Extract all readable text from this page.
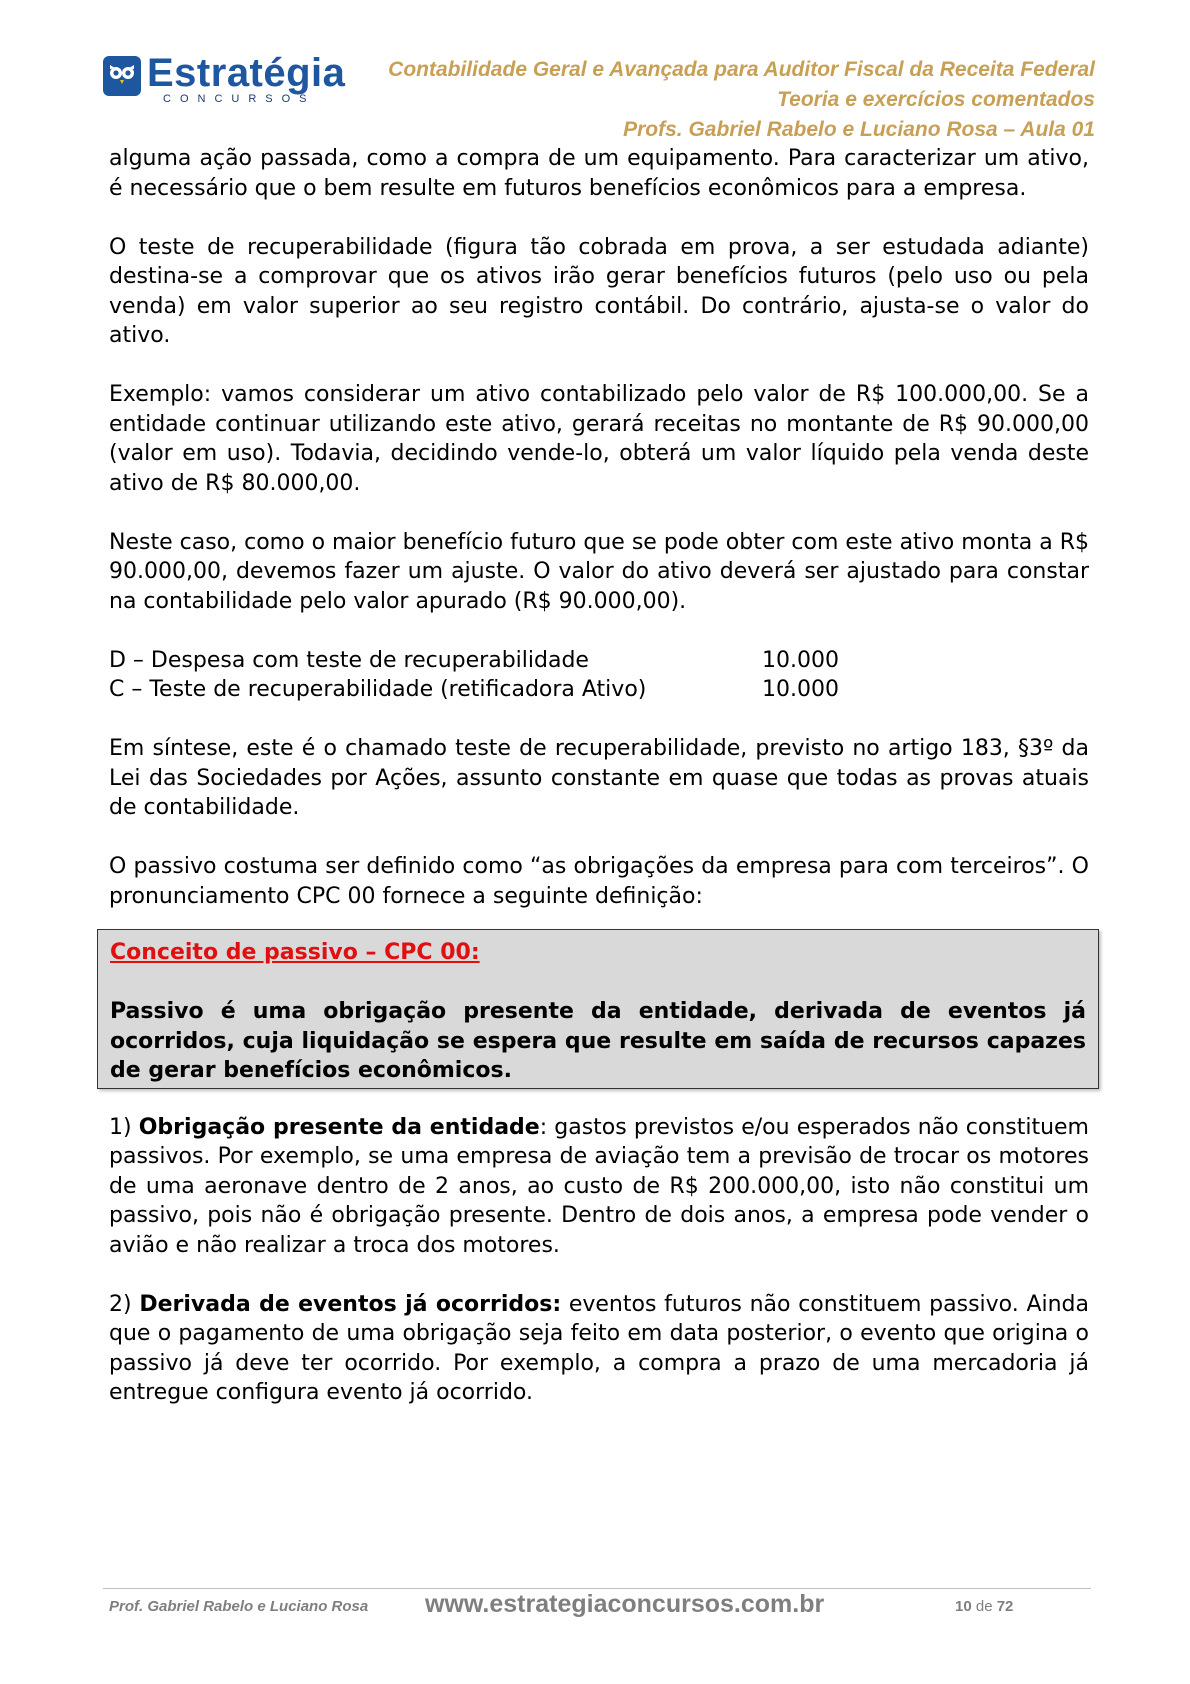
Estratégia
CONCURSOS
Contabilidade Geral e Avançada para Auditor Fiscal da Receita Federal
Teoria e exercícios comentados
Profs. Gabriel Rabelo e Luciano Rosa – Aula 01

alguma ação passada, como a compra de um equipamento. Para caracterizar um ativo, é necessário que o bem resulte em futuros benefícios econômicos para a empresa.

O teste de recuperabilidade (figura tão cobrada em prova, a ser estudada adiante) destina-se a comprovar que os ativos irão gerar benefícios futuros (pelo uso ou pela venda) em valor superior ao seu registro contábil. Do contrário, ajusta-se o valor do ativo.

Exemplo: vamos considerar um ativo contabilizado pelo valor de R$ 100.000,00. Se a entidade continuar utilizando este ativo, gerará receitas no montante de R$ 90.000,00 (valor em uso). Todavia, decidindo vende-lo, obterá um valor líquido pela venda deste ativo de R$ 80.000,00.

Neste caso, como o maior benefício futuro que se pode obter com este ativo monta a R$ 90.000,00, devemos fazer um ajuste. O valor do ativo deverá ser ajustado para constar na contabilidade pelo valor apurado (R$ 90.000,00).

D – Despesa com teste de recuperabilidade	10.000
C – Teste de recuperabilidade (retificadora Ativo)	10.000

Em síntese, este é o chamado teste de recuperabilidade, previsto no artigo 183, §3º da Lei das Sociedades por Ações, assunto constante em quase que todas as provas atuais de contabilidade.

O passivo costuma ser definido como “as obrigações da empresa para com terceiros”. O pronunciamento CPC 00 fornece a seguinte definição:

Conceito de passivo – CPC 00:
Passivo é uma obrigação presente da entidade, derivada de eventos já ocorridos, cuja liquidação se espera que resulte em saída de recursos capazes de gerar benefícios econômicos.

1) Obrigação presente da entidade: gastos previstos e/ou esperados não constituem passivos. Por exemplo, se uma empresa de aviação tem a previsão de trocar os motores de uma aeronave dentro de 2 anos, ao custo de R$ 200.000,00, isto não constitui um passivo, pois não é obrigação presente. Dentro de dois anos, a empresa pode vender o avião e não realizar a troca dos motores.

2) Derivada de eventos já ocorridos: eventos futuros não constituem passivo. Ainda que o pagamento de uma obrigação seja feito em data posterior, o evento que origina o passivo já deve ter ocorrido. Por exemplo, a compra a prazo de uma mercadoria já entregue configura evento já ocorrido.

Prof. Gabriel Rabelo e Luciano Rosa www.estrategiaconcursos.com.br	10 de 72
